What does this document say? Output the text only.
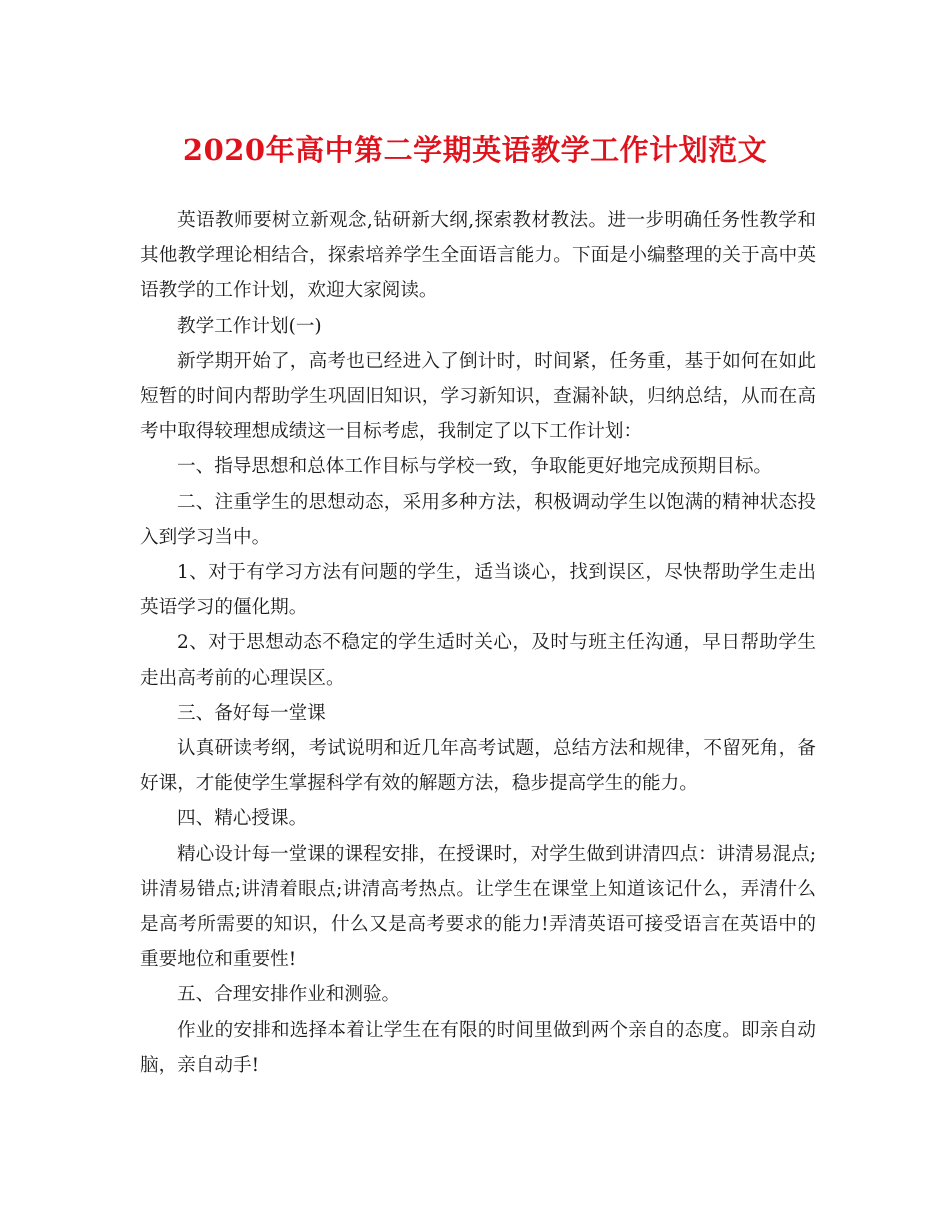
2020年高中第二学期英语教学工作计划范文

英语教师要树立新观念,钻研新大纲,探索教材教法。进一步明确任务性教学和其他教学理论相结合，探索培养学生全面语言能力。下面是小编整理的关于高中英语教学的工作计划，欢迎大家阅读。

教学工作计划(一)

新学期开始了，高考也已经进入了倒计时，时间紧，任务重，基于如何在如此短暂的时间内帮助学生巩固旧知识，学习新知识，查漏补缺，归纳总结，从而在高考中取得较理想成绩这一目标考虑，我制定了以下工作计划：

一、指导思想和总体工作目标与学校一致，争取能更好地完成预期目标。

二、注重学生的思想动态，采用多种方法，积极调动学生以饱满的精神状态投入到学习当中。

1、对于有学习方法有问题的学生，适当谈心，找到误区，尽快帮助学生走出英语学习的僵化期。

2、对于思想动态不稳定的学生适时关心，及时与班主任沟通，早日帮助学生走出高考前的心理误区。

三、备好每一堂课

认真研读考纲，考试说明和近几年高考试题，总结方法和规律，不留死角，备好课，才能使学生掌握科学有效的解题方法，稳步提高学生的能力。

四、精心授课。

精心设计每一堂课的课程安排，在授课时，对学生做到讲清四点：讲清易混点;讲清易错点;讲清着眼点;讲清高考热点。让学生在课堂上知道该记什么，弄清什么是高考所需要的知识，什么又是高考要求的能力!弄清英语可接受语言在英语中的重要地位和重要性!

五、合理安排作业和测验。

作业的安排和选择本着让学生在有限的时间里做到两个亲自的态度。即亲自动脑，亲自动手!
